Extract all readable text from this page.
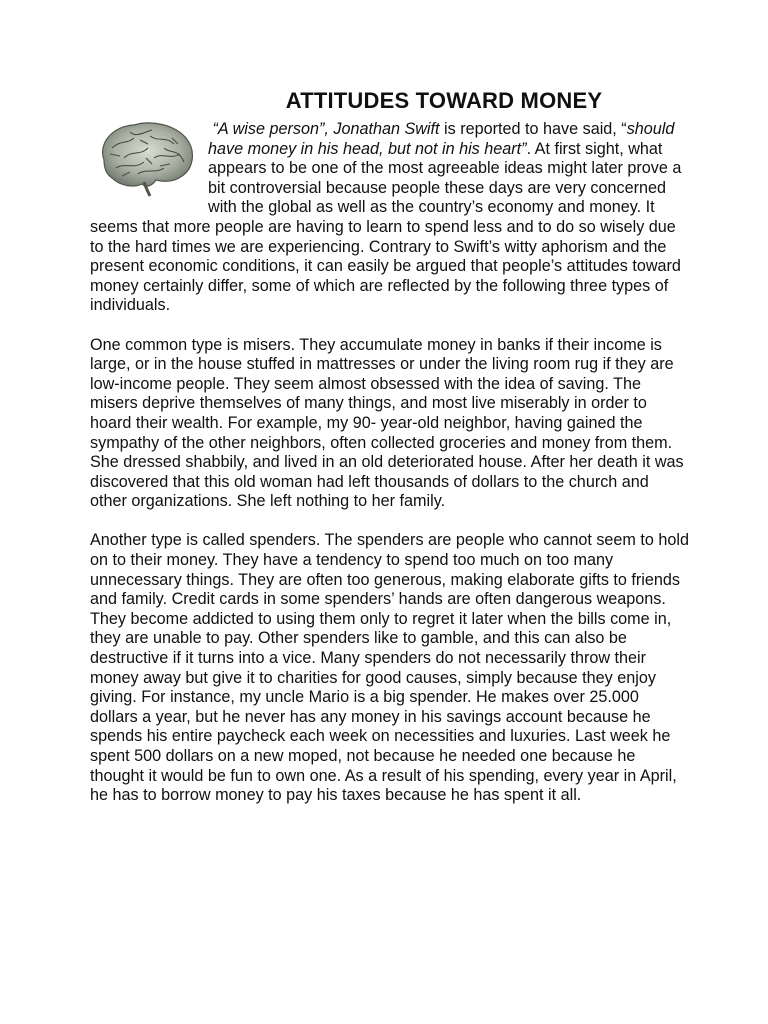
ATTITUDES TOWARD MONEY

“A wise person”, Jonathan Swift is reported to have said, “should have money in his head, but not in his heart”. At first sight, what appears to be one of the most agreeable ideas might later prove a bit controversial because people these days are very concerned with the global as well as the country’s economy and money. It seems that more people are having to learn to spend less and to do so wisely due to the hard times we are experiencing. Contrary to Swift’s witty aphorism and the present economic conditions, it can easily be argued that people’s attitudes toward money certainly differ, some of which are reflected by the following three types of individuals.

One common type is misers. They accumulate money in banks if their income is large, or in the house stuffed in mattresses or under the living room rug if they are low-income people. They seem almost obsessed with the idea of saving. The misers deprive themselves of many things, and most live miserably in order to hoard their wealth. For example, my 90- year-old neighbor, having gained the sympathy of the other neighbors, often collected groceries and money from them. She dressed shabbily, and lived in an old deteriorated house. After her death it was discovered that this old woman had left thousands of dollars to the church and other organizations. She left nothing to her family.

Another type is called spenders. The spenders are people who cannot seem to hold on to their money. They have a tendency to spend too much on too many unnecessary things. They are often too generous, making elaborate gifts to friends and family. Credit cards in some spenders’ hands are often dangerous weapons. They become addicted to using them only to regret it later when the bills come in, they are unable to pay. Other spenders like to gamble, and this can also be destructive if it turns into a vice. Many spenders do not necessarily throw their money away but give it to charities for good causes, simply because they enjoy giving. For instance, my uncle Mario is a big spender. He makes over 25.000 dollars a year, but he never has any money in his savings account because he spends his entire paycheck each week on necessities and luxuries. Last week he spent 500 dollars on a new moped, not because he needed one because he thought it would be fun to own one. As a result of his spending, every year in April, he has to borrow money to pay his taxes because he has spent it all.
